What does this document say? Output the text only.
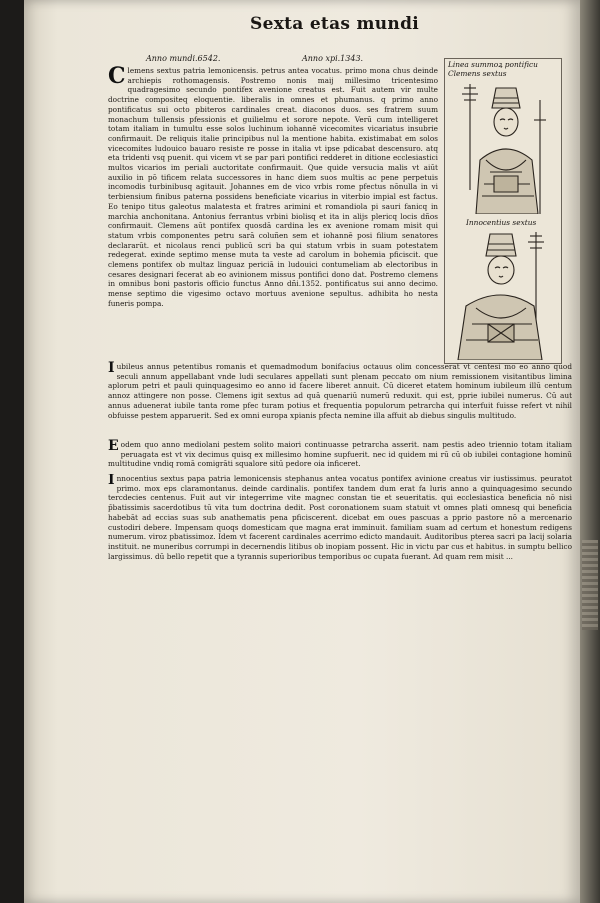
Sexta etas mundi
Anno mundi.6542.	Anno xpi.1343.
Linea summoꝝ pontificu
Clemens sextus
Innocentius sextus
Clemens sextus patria lemonicensis. petrus antea vocatus. primo mona chus deinde archiepis rothomagensis. Postremo nonis maij millesimo tricentesimo quadragesimo secundo pontifex avenione creatus est. Fuit autem vir multe doctrine compositeq eloquentie. liberalis in omnes et phumanus. q primo anno pontificatus sui octo pbiteros cardinales creat. diaconos duos. ses fratrem suum monachum tullensis pfessionis et guilielmu et sorore nepote. Verū cum intelligeret totam italiam in tumultu esse solos luchinum iohannē vicecomites vicariatus insubrie confirmauit. De reliquis italie principibus nul la mentione habita. existimabat em solos vicecomites ludouico bauaro resiste re posse in italia vt ipse pdicabat descensuro. atq eta tridenti vsq puenit. qui vicem vt se par pari pontifici redderet in ditione ecclesiastici multos vicarios im periali auctoritate confirmauit. Que quide versucia malis vt aiūt auxilio in pō tificem relata successores in hanc diem suos multis ac pene perpetuis incomodis turbinibusq agitauit. Johannes em de vico vrbis rome pfectus nōnulla in vi terbiensium finibus paterna possidens beneficiate vicarius in viterbio impial est factus. Eo tenipo titus galeotus malatesta et fratres arimini et romandiola pi sauri fanicq in marchia anchonitana. Antonius ferrantus vrbini biolisq et ita in alijs plericq locis dños confirmauit. Clemens aūt pontifex quosdā cardina les ex avenione romam misit qui statum vrbis componentes petru sarā coluñen sem et iohannē posi filium senatores declararūt. et nicolaus renci publicū scri ba qui statum vrbis in suam potestatem redegerat. exinde septimo mense muta ta veste ad carolum in bohemia pficiscit. que clemens pontifex ob multaz linguaz periciā in ludouici contumeliam ab electoribus in cesares designari fecerat ab eo avinionem missus pontifici dono dat. Postremo clemens in omnibus boni pastoris officio functus Anno dñi.1352. pontificatus sui anno decimo. mense septimo die vigesimo octavo mortuus avenione sepultus. adhibita ho nesta funeris pompa.
Iubileus annus petentibus romanis et quemadmodum bonifacius octauus olim concesserat vt centesi mo eo anno quod seculi annum appellabant vnde ludi seculares appellati sunt plenam peccato om nium remissionem visitantibus limina aplorum petri et pauli quinquagesimo eo anno id facere liberet annuit. Cū diceret etatem hominum iubileum illū centum annoz attingere non posse. Clemens igit sextus ad quā quenariū numerū reduxit. qui est, pprie iubilei numerus. Cū aut annus aduenerat iubile tanta rome pfec turam potius et frequentia populorum petrarcha qui interfuit fuisse refert vt nihil obfuisse pestem apparuerit. Sed ex omni europa xpianis pfecta nemine illa affuit ab diebus singulis multitudo.
Eodem quo anno mediolani pestem solito maiori continuasse petrarcha asserit. nam pestis adeo triennio totam italiam peruagata est vt vix decimus quisq ex millesimo homine supfuerit. nec id quidem mi rū cū ob iubilei contagione hominū multitudine vndiq romā comigrāti squalore sitū pedore oia inficeret.
Innocentius sextus papa patria lemonicensis stephanus antea vocatus pontifex avinione creatus vir iustissimus. peuratot primo. mox eps claramontanus. deinde cardinalis. pontifex tandem dum erat fa luris anno a quinquagesimo secundo tercdecies centenus. Fuit aut vir integerrime vite magnec constan tie et seueritatis. qui ecclesiastica beneficia nō nisi p̄batissimis sacerdotibus tū vita tum doctrina dedit. Post coronationem suam statuit vt omnes plati omnesq qui beneficia habebāt ad eccias suas sub anathematis pena pficiscerent. dicebat em oues pascuas a pprio pastore nō a mercenario custodiri debere. Impensam quoqs domesticam que magna erat imminuit. familiam suam ad certum et honestum redigens numerum. viroz pbatissimoz. Idem vt facerent cardinales acerrimo edicto mandauit. Auditoribus pterea sacri pa lacij solaria instituit. ne muneribus corrumpi in decernendis litibus ob inopiam possent. Hic in victu par cus et habitus. in sumptu bellico largissimus. dū bello repetit que a tyrannis superioribus temporibus oc cupata fuerant. Ad quam rem misit ...
